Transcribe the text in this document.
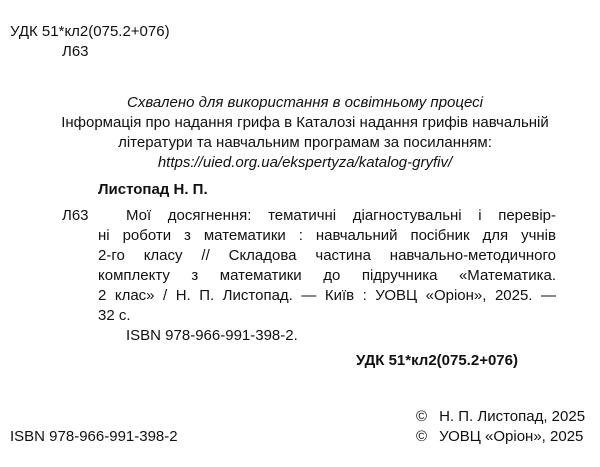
УДК 51*кл2(075.2+076)
Л63
Схвалено для використання в освітньому процесі
Інформація про надання грифа в Каталозі надання грифів навчальній
літератури та навчальним програмам за посиланням:
https://uied.org.ua/ekspertyza/katalog-gryfiv/
Листопад Н. П.
Л63	Мої досягнення: тематичні діагностувальні і перевір-
ні роботи з математики : навчальний посібник для учнів
2-го класу // Складова частина навчально-методичного
комплекту з математики до підручника «Математика.
2 клас» / Н. П. Листопад. — Київ : УОВЦ «Оріон», 2025. —
32 с.
ISBN 978-966-991-398-2.
УДК 51*кл2(075.2+076)
ISBN 978-966-991-398-2
© Н. П. Листопад, 2025
© УОВЦ «Оріон», 2025
